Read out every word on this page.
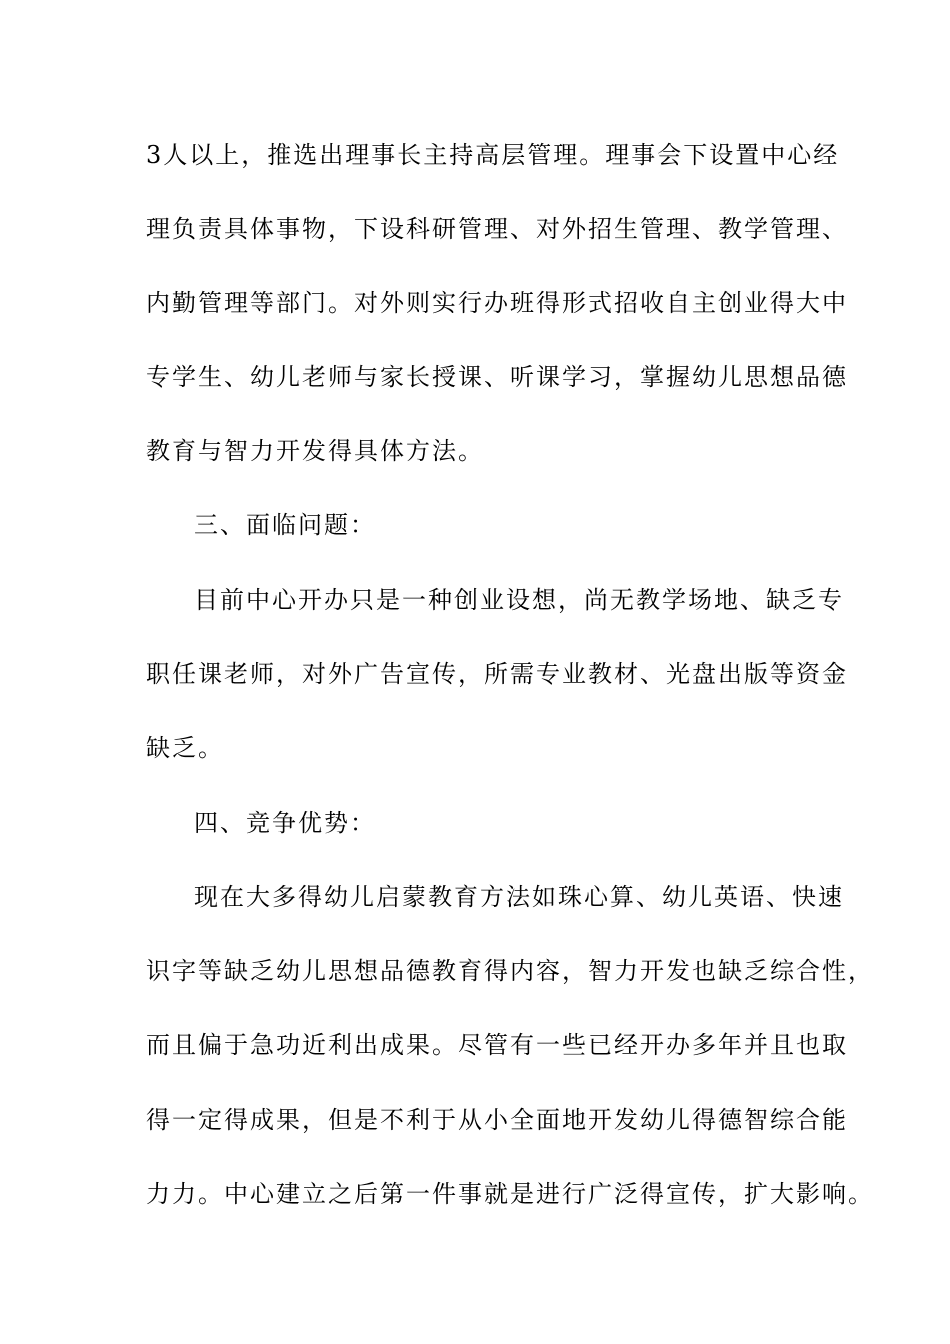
3人以上，推选出理事长主持高层管理。理事会下设置中心经
理负责具体事物，下设科研管理、对外招生管理、教学管理、
内勤管理等部门。对外则实行办班得形式招收自主创业得大中
专学生、幼儿老师与家长授课、听课学习，掌握幼儿思想品德
教育与智力开发得具体方法。
三、面临问题：
目前中心开办只是一种创业设想，尚无教学场地、缺乏专
职任课老师，对外广告宣传，所需专业教材、光盘出版等资金
缺乏。
四、竞争优势：
现在大多得幼儿启蒙教育方法如珠心算、幼儿英语、快速
识字等缺乏幼儿思想品德教育得内容，智力开发也缺乏综合性，
而且偏于急功近利出成果。尽管有一些已经开办多年并且也取
得一定得成果，但是不利于从小全面地开发幼儿得德智综合能
力力。中心建立之后第一件事就是进行广泛得宣传，扩大影响。
